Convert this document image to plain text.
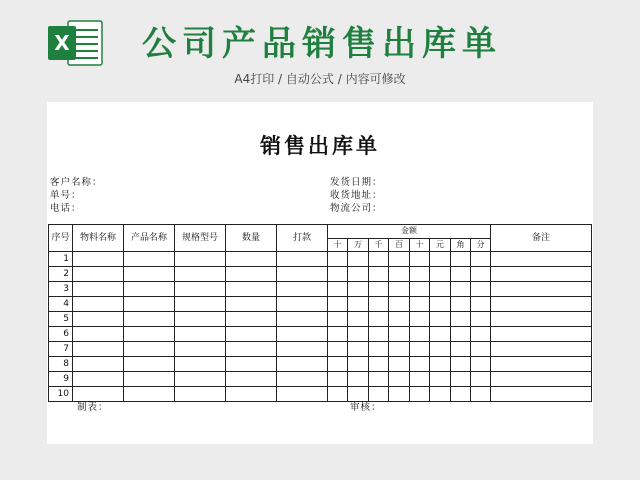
X	公司产品销售出库单
A4打印 / 自动公式 / 内容可修改
销售出库单
客户名称：
单号：
电话：
发货日期：
收货地址：
物流公司：
序号	物料名称	产品名称	规格型号	数量	打款	金额								备注
						十	万	千	百	十	元	角	分	
1														
2														
3														
4														
5														
6														
7														
8														
9														
10														
制表：	审核：
